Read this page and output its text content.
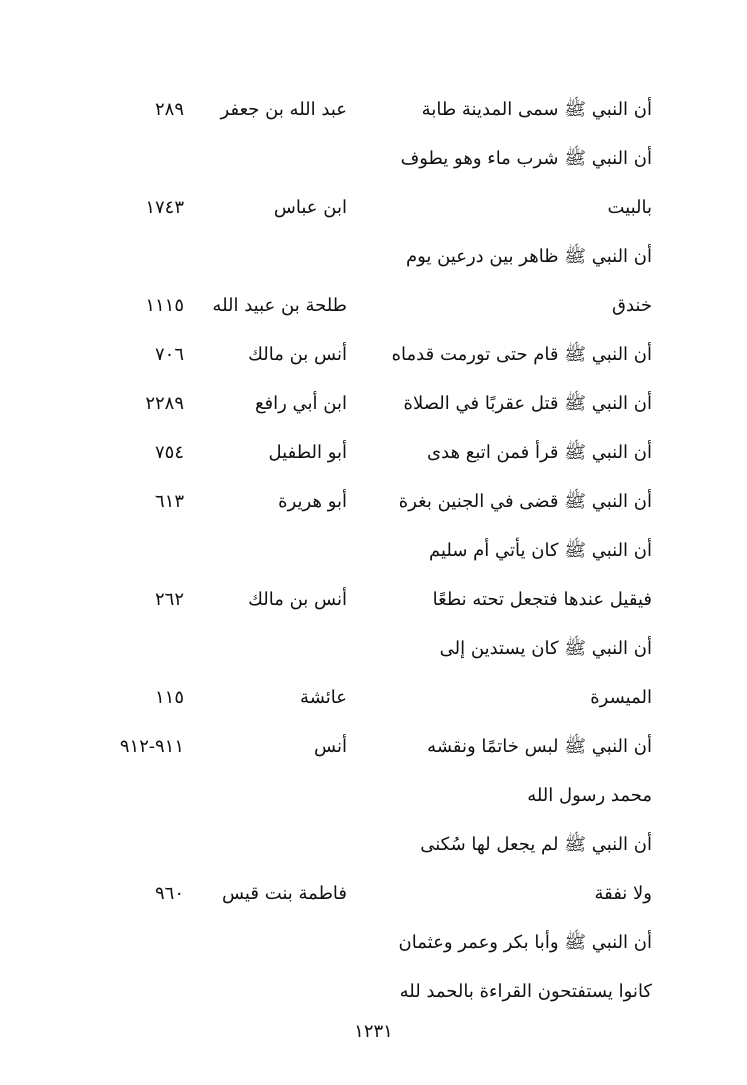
أن النبي ﷺ سمى المدينة طابة
عبد الله بن جعفر
٢٨٩
أن النبي ﷺ شرب ماء وهو يطوف
بالبيت
ابن عباس
١٧٤٣
أن النبي ﷺ ظاهر بين درعين يوم
خندق
طلحة بن عبيد الله
١١١٥
أن النبي ﷺ قام حتى تورمت قدماه
أنس بن مالك
٧٠٦
أن النبي ﷺ قتل عقربًا في الصلاة
ابن أبي رافع
٢٢٨٩
أن النبي ﷺ قرأ فمن اتبع هدى
أبو الطفيل
٧٥٤
أن النبي ﷺ قضى في الجنين بغرة
أبو هريرة
٦١٣
أن النبي ﷺ كان يأتي أم سليم
فيقيل عندها فتجعل تحته نطعًا
أنس بن مالك
٢٦٢
أن النبي ﷺ كان يستدين إلى
الميسرة
عائشة
١١٥
أن النبي ﷺ لبس خاتمًا ونقشه
أنس
٩١١-٩١٢
محمد رسول الله
أن النبي ﷺ لم يجعل لها سُكنى
ولا نفقة
فاطمة بنت قيس
٩٦٠
أن النبي ﷺ وأبا بكر وعمر وعثمان
كانوا يستفتحون القراءة بالحمد لله
١٢٣١
